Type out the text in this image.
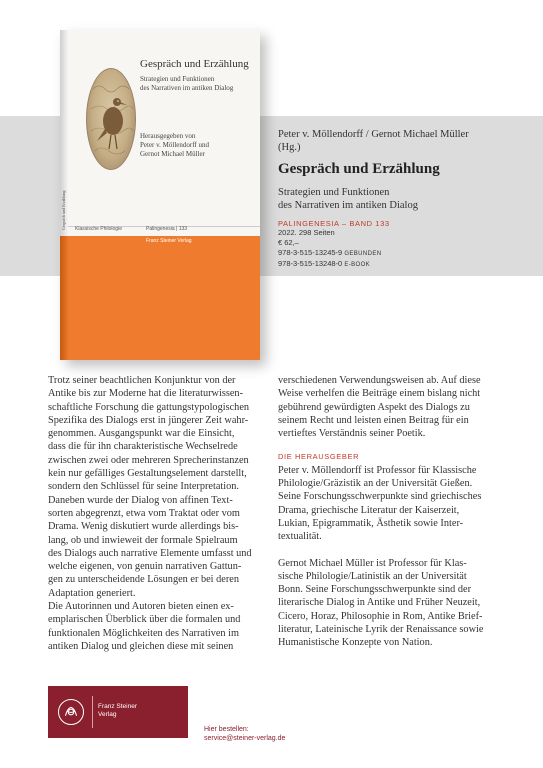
Gespräch und Erzählung
Gespräch und Erzählung
Strategien und Funktionen
des Narrativen im antiken Dialog
Herausgegeben von
Peter v. Möllendorff und
Gernot Michael Müller
Klassische Philologie	Palingenesia | 133
Franz Steiner Verlag
Peter v. Möllendorff / Gernot Michael Müller
(Hg.)
Gespräch und Erzählung
Strategien und Funktionen
des Narrativen im antiken Dialog
PALINGENESIA – BAND 133
2022. 298 Seiten
€ 62,–
978-3-515-13245-9 GEBUNDEN
978-3-515-13248-0 E-BOOK

Trotz seiner beachtlichen Konjunktur von der

Antike bis zur Moderne hat die literaturwissen-

schaftliche Forschung die gattungstypologischen

Spezifika des Dialogs erst in jüngerer Zeit wahr-

genommen. Ausgangspunkt war die Einsicht,

dass die für ihn charakteristische Wechselrede

zwischen zwei oder mehreren Sprecherinstanzen

kein nur gefälliges Gestaltungselement darstellt,

sondern den Schlüssel für seine Interpretation.

Daneben wurde der Dialog von affinen Text-

sorten abgegrenzt, etwa vom Traktat oder vom

Drama. Wenig diskutiert wurde allerdings bis-

lang, ob und inwieweit der formale Spielraum

des Dialogs auch narrative Elemente umfasst und

welche eigenen, von genuin narrativen Gattun-

gen zu unterscheidende Lösungen er bei deren

Adaptation generiert.

Die Autorinnen und Autoren bieten einen ex-

emplarischen Überblick über die formalen und

funktionalen Möglichkeiten des Narrativen im

antiken Dialog und gleichen diese mit seinen

verschiedenen Verwendungsweisen ab. Auf diese

Weise verhelfen die Beiträge einem bislang nicht

gebührend gewürdigten Aspekt des Dialogs zu

seinem Recht und leisten einen Beitrag für ein

vertieftes Verständnis seiner Poetik.

DIE HERAUSGEBER

Peter v. Möllendorff ist Professor für Klassische

Philologie/Gräzistik an der Universität Gießen.

Seine Forschungsschwerpunkte sind griechisches

Drama, griechische Literatur der Kaiserzeit,

Lukian, Epigrammatik, Ästhetik sowie Inter-

textualität.

Gernot Michael Müller ist Professor für Klas-

sische Philologie/Latinistik an der Universität

Bonn. Seine Forschungsschwerpunkte sind der

literarische Dialog in Antike und Früher Neuzeit,

Cicero, Horaz, Philosophie in Rom, Antike Brief-

literatur, Lateinische Lyrik der Renaissance sowie

Humanistische Konzepte von Nation.

Franz Steiner
Verlag
Hier bestellen:
service@steiner-verlag.de
